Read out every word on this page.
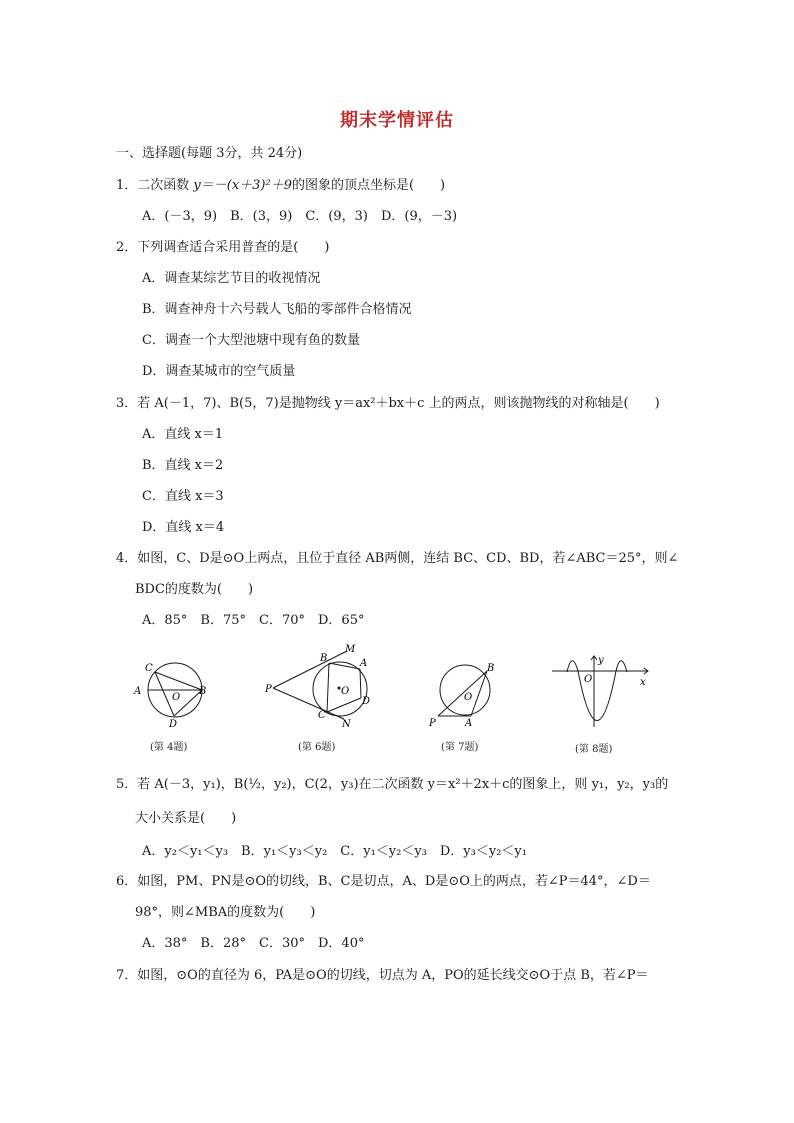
期末学情评估
一、选择题(每题 3分，共 24分)
1．二次函数 y＝－(x＋3)²＋9的图象的顶点坐标是(　　)
A．(－3，9)　B．(3，9)　C．(9，3)　D．(9，－3)
2．下列调查适合采用普查的是(　　)
A．调查某综艺节目的收视情况
B．调查神舟十六号载人飞船的零部件合格情况
C．调查一个大型池塘中现有鱼的数量
D．调查某城市的空气质量
3．若 A(－1，7)、B(5，7)是抛物线 y＝ax²＋bx＋c 上的两点，则该抛物线的对称轴是(　　)
A．直线 x＝1
B．直线 x＝2
C．直线 x＝3
D．直线 x＝4
4．如图，C、D是⊙O上两点，且位于直径 AB两侧，连结 BC、CD、BD，若∠ABC＝25°，则∠
BDC的度数为(　　)
A．85°　B．75°　C．70°　D．65°
C
A
O
B
D
B
M
A
P	O
D
C
N
B
O
P	A
y
O	x
(第 4题)	(第 6题)	(第 7题)	(第 8题)
5．若 A(－3，y₁)，B(½，y₂)，C(2，y₃)在二次函数 y＝x²＋2x＋c的图象上，则 y₁，y₂，y₃的
大小关系是(　　)
A．y₂＜y₁＜y₃　B．y₁＜y₃＜y₂　C．y₁＜y₂＜y₃　D．y₃＜y₂＜y₁
6．如图，PM、PN是⊙O的切线，B、C是切点，A、D是⊙O上的两点，若∠P＝44°，∠D＝
98°，则∠MBA的度数为(　　)
A．38°　B．28°　C．30°　D．40°
7．如图，⊙O的直径为 6，PA是⊙O的切线，切点为 A，PO的延长线交⊙O于点 B，若∠P＝
